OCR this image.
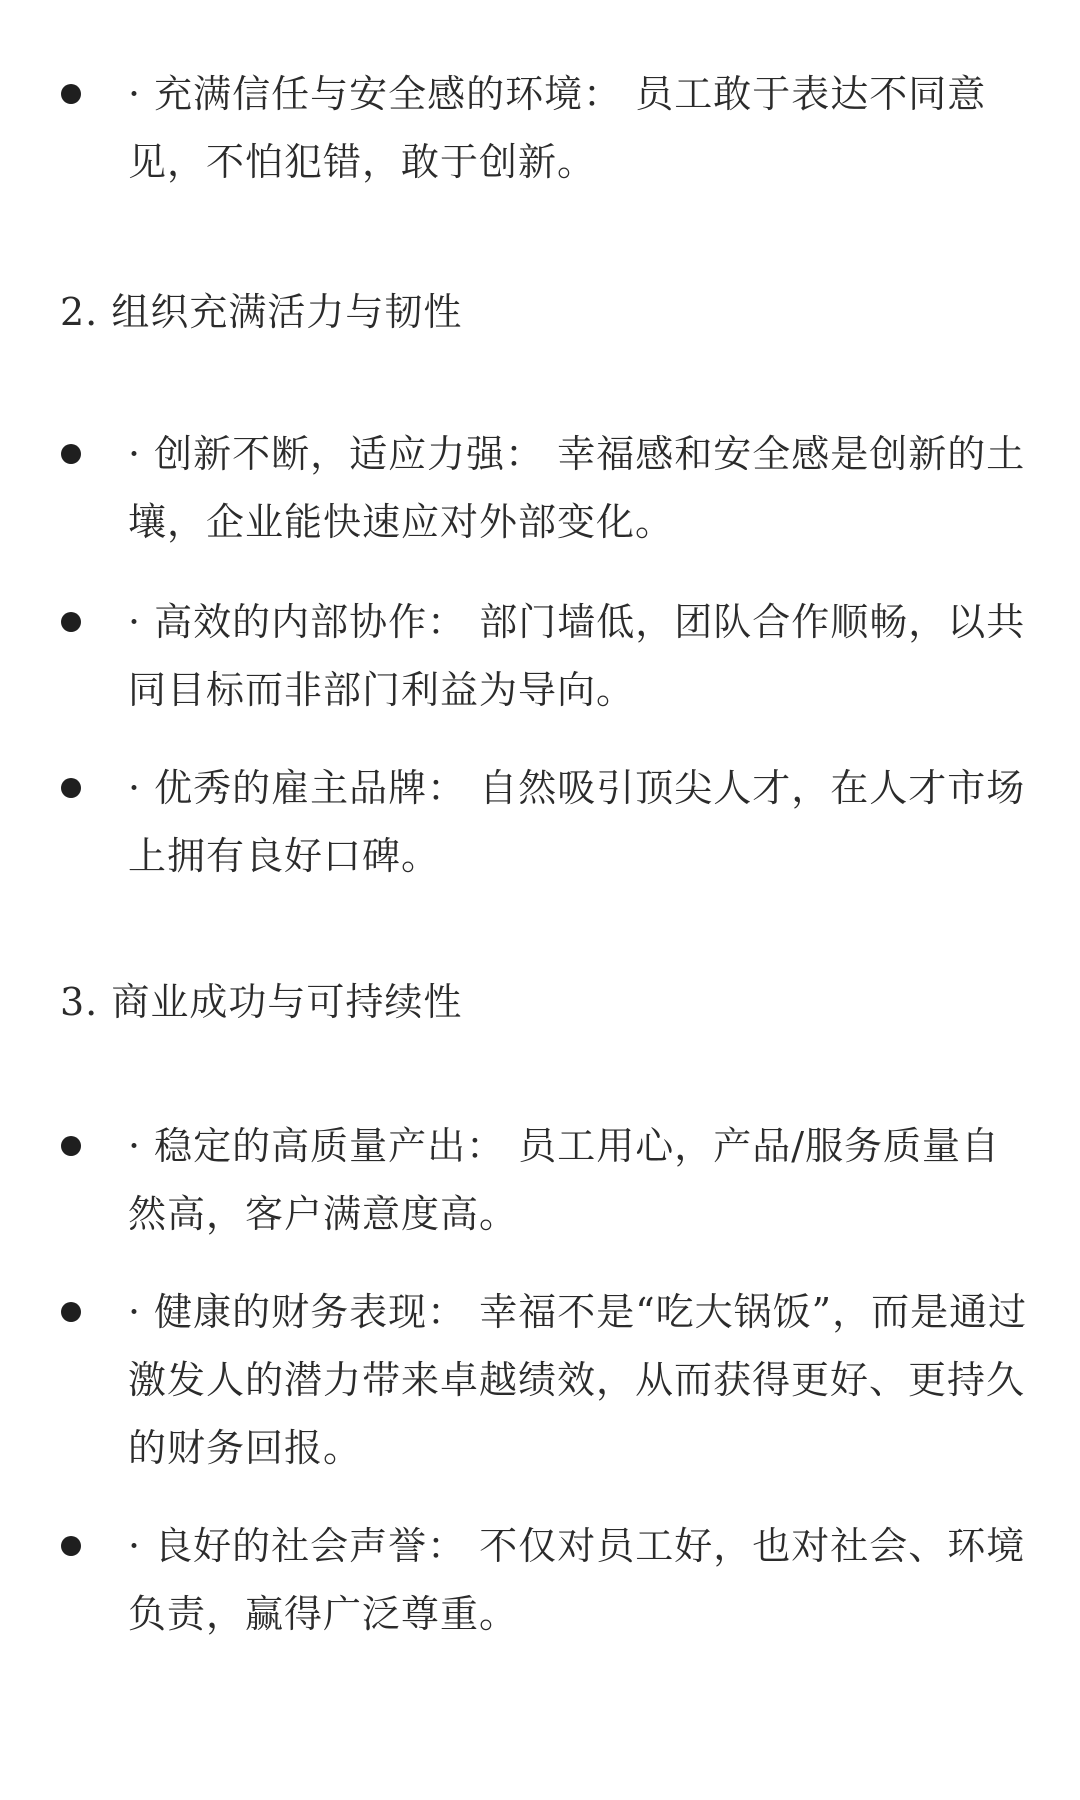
· 充满信任与安全感的环境： 员工敢于表达不同意见，不怕犯错，敢于创新。

2. 组织充满活力与韧性

· 创新不断，适应力强： 幸福感和安全感是创新的土壤，企业能快速应对外部变化。

· 高效的内部协作： 部门墙低，团队合作顺畅，以共同目标而非部门利益为导向。

· 优秀的雇主品牌： 自然吸引顶尖人才，在人才市场上拥有良好口碑。

3. 商业成功与可持续性

· 稳定的高质量产出： 员工用心，产品/服务质量自然高，客户满意度高。

· 健康的财务表现： 幸福不是“吃大锅饭”，而是通过激发人的潜力带来卓越绩效，从而获得更好、更持久的财务回报。

· 良好的社会声誉： 不仅对员工好，也对社会、环境负责，赢得广泛尊重。
